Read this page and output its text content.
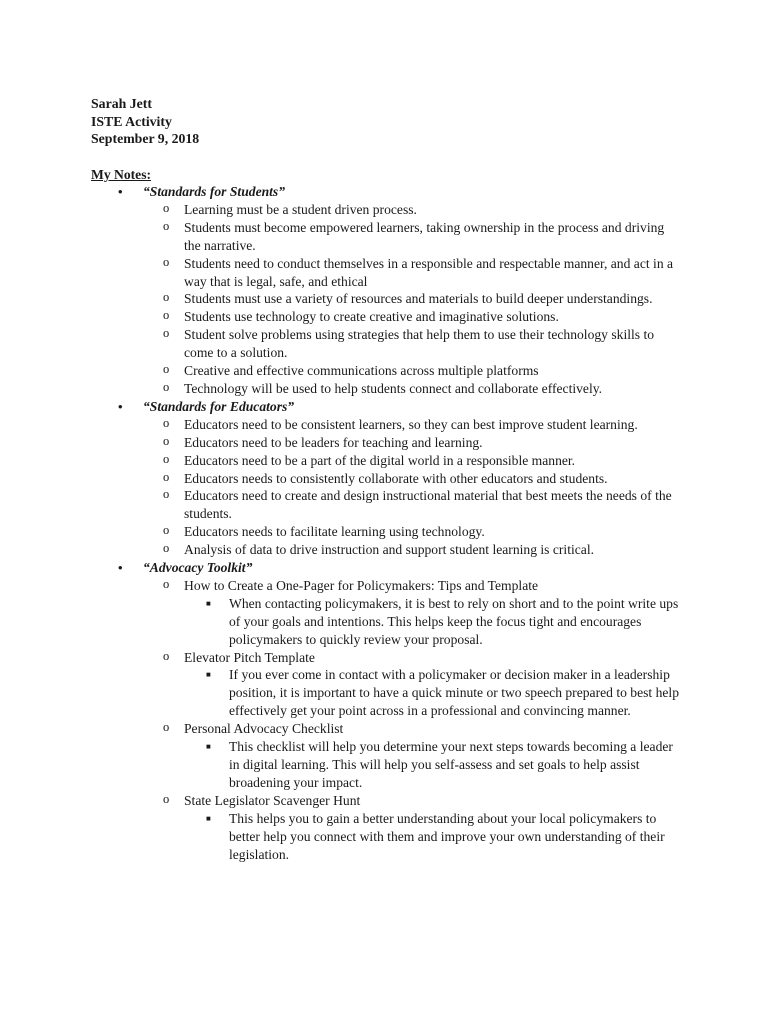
Sarah Jett
ISTE Activity
September 9, 2018
My Notes:
• “Standards for Students”
o Learning must be a student driven process.
o Students must become empowered learners, taking ownership in the process and driving the narrative.
o Students need to conduct themselves in a responsible and respectable manner, and act in a way that is legal, safe, and ethical
o Students must use a variety of resources and materials to build deeper understandings.
o Students use technology to create creative and imaginative solutions.
o Student solve problems using strategies that help them to use their technology skills to come to a solution.
o Creative and effective communications across multiple platforms
o Technology will be used to help students connect and collaborate effectively.
• “Standards for Educators”
o Educators need to be consistent learners, so they can best improve student learning.
o Educators need to be leaders for teaching and learning.
o Educators need to be a part of the digital world in a responsible manner.
o Educators needs to consistently collaborate with other educators and students.
o Educators need to create and design instructional material that best meets the needs of the students.
o Educators needs to facilitate learning using technology.
o Analysis of data to drive instruction and support student learning is critical.
• “Advocacy Toolkit”
o How to Create a One-Pager for Policymakers: Tips and Template
■ When contacting policymakers, it is best to rely on short and to the point write ups of your goals and intentions. This helps keep the focus tight and encourages policymakers to quickly review your proposal.
o Elevator Pitch Template
■ If you ever come in contact with a policymaker or decision maker in a leadership position, it is important to have a quick minute or two speech prepared to best help effectively get your point across in a professional and convincing manner.
o Personal Advocacy Checklist
■ This checklist will help you determine your next steps towards becoming a leader in digital learning. This will help you self-assess and set goals to help assist broadening your impact.
o State Legislator Scavenger Hunt
■ This helps you to gain a better understanding about your local policymakers to better help you connect with them and improve your own understanding of their legislation.
